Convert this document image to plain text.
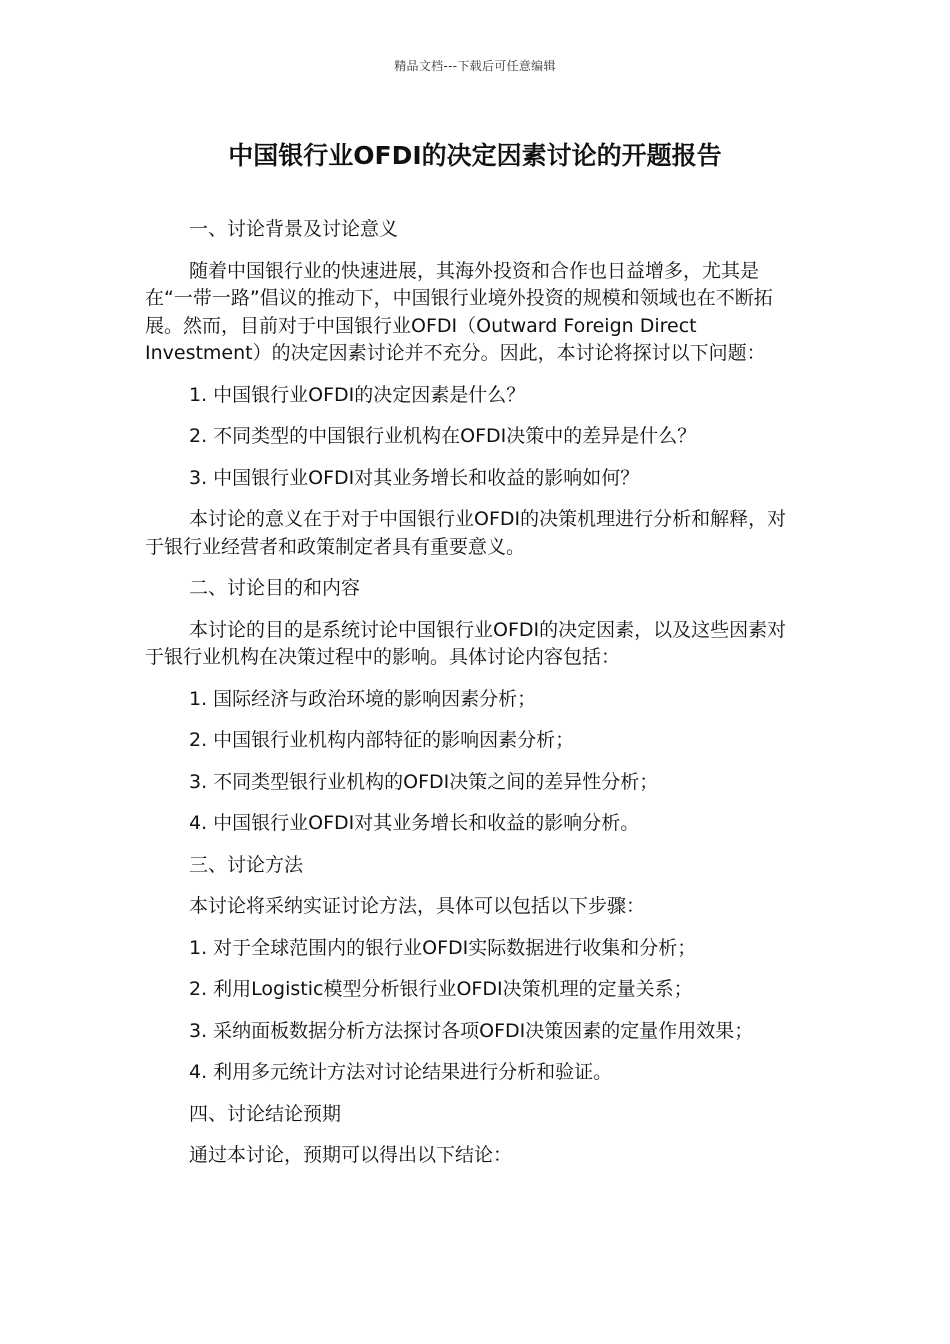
精品文档---下载后可任意编辑
中国银行业OFDI的决定因素讨论的开题报告

一、讨论背景及讨论意义

随着中国银行业的快速进展，其海外投资和合作也日益增多，尤其是在“一带一路”倡议的推动下，中国银行业境外投资的规模和领域也在不断拓展。然而，目前对于中国银行业OFDI（Outward Foreign Direct Investment）的决定因素讨论并不充分。因此，本讨论将探讨以下问题：

1. 中国银行业OFDI的决定因素是什么？

2. 不同类型的中国银行业机构在OFDI决策中的差异是什么？

3. 中国银行业OFDI对其业务增长和收益的影响如何？

本讨论的意义在于对于中国银行业OFDI的决策机理进行分析和解释，对于银行业经营者和政策制定者具有重要意义。

二、讨论目的和内容

本讨论的目的是系统讨论中国银行业OFDI的决定因素，以及这些因素对于银行业机构在决策过程中的影响。具体讨论内容包括：

1. 国际经济与政治环境的影响因素分析；

2. 中国银行业机构内部特征的影响因素分析；

3. 不同类型银行业机构的OFDI决策之间的差异性分析；

4. 中国银行业OFDI对其业务增长和收益的影响分析。

三、讨论方法

本讨论将采纳实证讨论方法，具体可以包括以下步骤：

1. 对于全球范围内的银行业OFDI实际数据进行收集和分析；

2. 利用Logistic模型分析银行业OFDI决策机理的定量关系；

3. 采纳面板数据分析方法探讨各项OFDI决策因素的定量作用效果；

4. 利用多元统计方法对讨论结果进行分析和验证。

四、讨论结论预期

通过本讨论，预期可以得出以下结论：
